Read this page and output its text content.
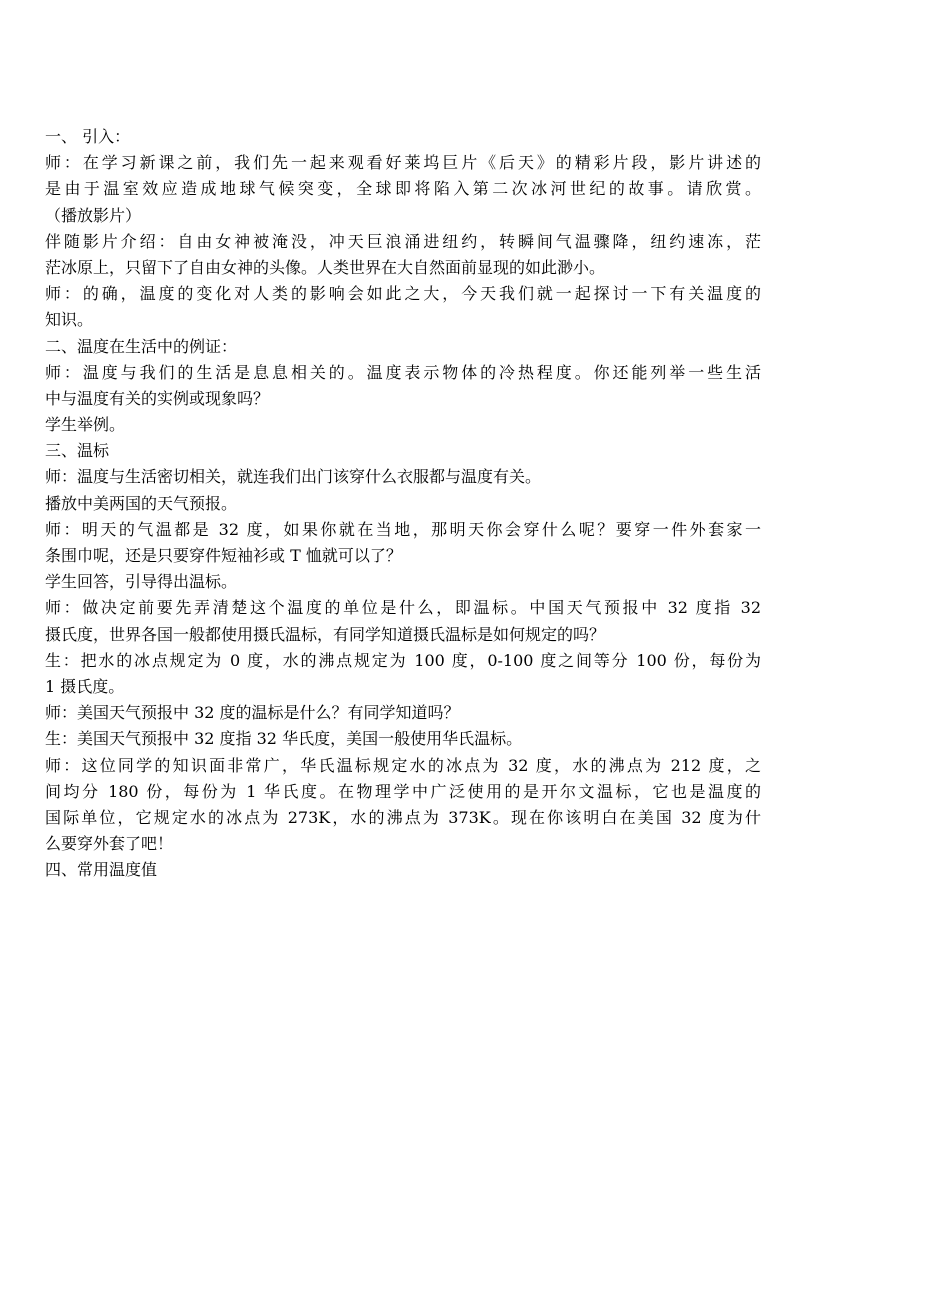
一、 引入：
师：在学习新课之前，我们先一起来观看好莱坞巨片《后天》的精彩片段，影片讲述的
是由于温室效应造成地球气候突变，全球即将陷入第二次冰河世纪的故事。请欣赏。
（播放影片）
伴随影片介绍：自由女神被淹没，冲天巨浪涌进纽约，转瞬间气温骤降，纽约速冻，茫
茫冰原上，只留下了自由女神的头像。人类世界在大自然面前显现的如此渺小。
师：的确，温度的变化对人类的影响会如此之大，今天我们就一起探讨一下有关温度的
知识。
二、温度在生活中的例证：
师：温度与我们的生活是息息相关的。温度表示物体的冷热程度。你还能列举一些生活
中与温度有关的实例或现象吗？
学生举例。
三、温标
师：温度与生活密切相关，就连我们出门该穿什么衣服都与温度有关。
播放中美两国的天气预报。
师：明天的气温都是 32 度，如果你就在当地，那明天你会穿什么呢？要穿一件外套家一
条围巾呢，还是只要穿件短袖衫或 T 恤就可以了？
学生回答，引导得出温标。
师：做决定前要先弄清楚这个温度的单位是什么，即温标。中国天气预报中 32 度指 32
摄氏度，世界各国一般都使用摄氏温标，有同学知道摄氏温标是如何规定的吗？
生：把水的冰点规定为 0 度，水的沸点规定为 100 度，0-100 度之间等分 100 份，每份为
1 摄氏度。
师：美国天气预报中 32 度的温标是什么？有同学知道吗？
生：美国天气预报中 32 度指 32 华氏度，美国一般使用华氏温标。
师：这位同学的知识面非常广，华氏温标规定水的冰点为 32 度，水的沸点为 212 度，之
间均分 180 份，每份为 1 华氏度。在物理学中广泛使用的是开尔文温标，它也是温度的
国际单位，它规定水的冰点为 273K，水的沸点为 373K。现在你该明白在美国 32 度为什
么要穿外套了吧！
四、常用温度值
